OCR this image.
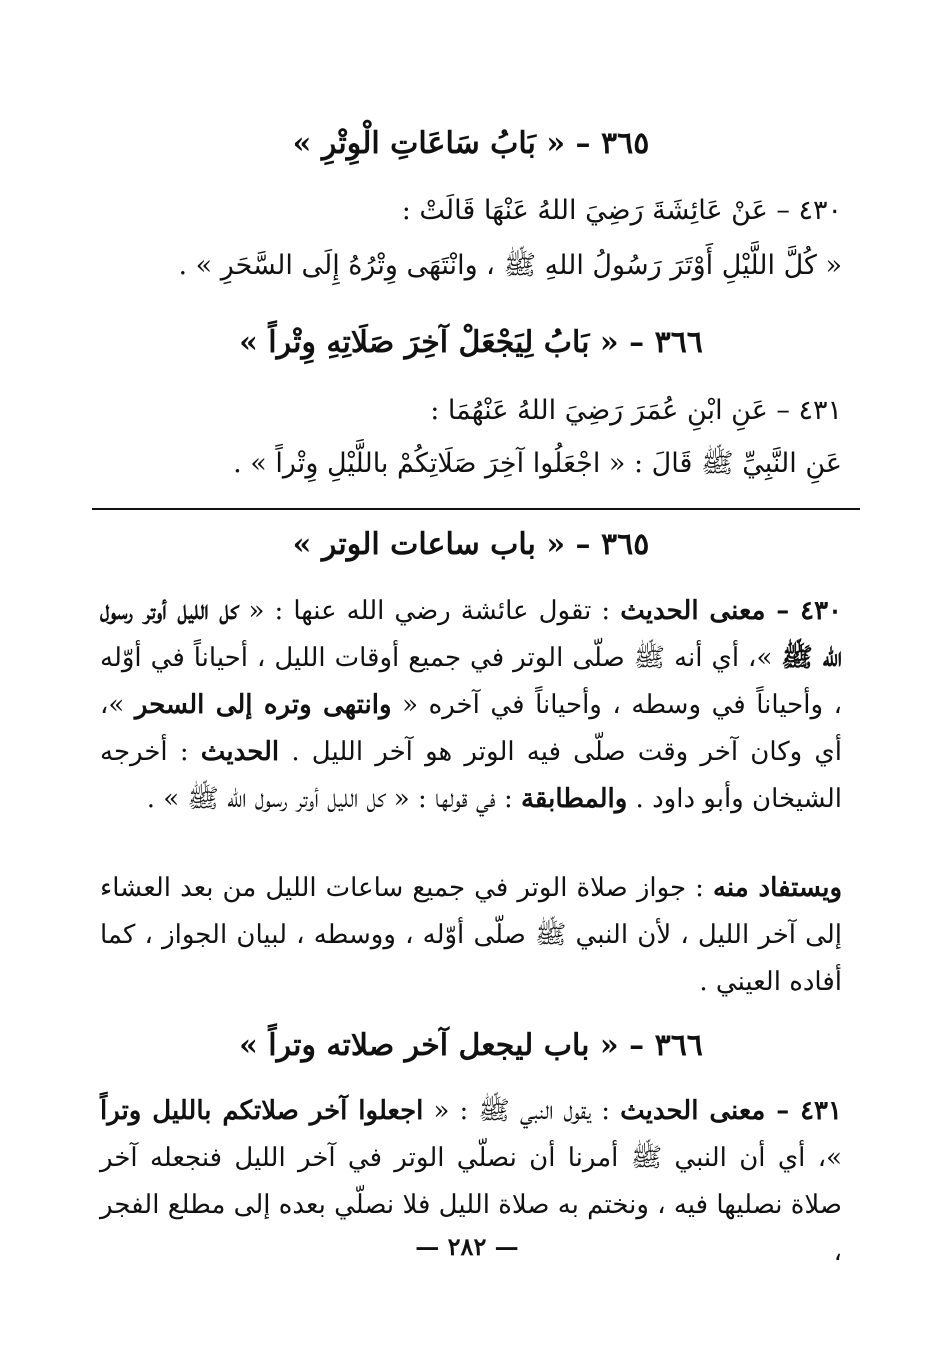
٣٦٥ – « بَابُ سَاعَاتِ الْوِتْرِ »
٤٣٠ – عَنْ عَائِشَةَ رَضِيَ اللهُ عَنْهَا قَالَتْ :
« كُلَّ اللَّيْلِ أَوْتَرَ رَسُولُ اللهِ ﷺ ، وانْتَهَى وِتْرُهُ إِلَى السَّحَرِ » .
٣٦٦ – « بَابُ لِيَجْعَلْ آخِرَ صَلَاتِهِ وِتْراً »
٤٣١ – عَنِ ابْنِ عُمَرَ رَضِيَ اللهُ عَنْهُمَا :
عَنِ النَّبِيِّ ﷺ قَالَ : « اجْعَلُوا آخِرَ صَلَاتِكُمْ باللَّيْلِ وِتْراً » .
٣٦٥ – « باب ساعات الوتر »
٤٣٠ – معنى الحديث : تقول عائشة رضي الله عنها : « كل الليل أوتر رسول الله ﷺ »، أي أنه ﷺ صلّى الوتر في جميع أوقات الليل ، أحياناً في أوّله ، وأحياناً في وسطه ، وأحياناً في آخره « وانتهى وتره إلى السحر »، أي وكان آخر وقت صلّى فيه الوتر هو آخر الليل . الحديث : أخرجه الشيخان وأبو داود . والمطابقة : في قولها : « كل الليل أوتر رسول الله ﷺ » .
ويستفاد منه : جواز صلاة الوتر في جميع ساعات الليل من بعد العشاء إلى آخر الليل ، لأن النبي ﷺ صلّى أوّله ، ووسطه ، لبيان الجواز ، كما أفاده العيني .
٣٦٦ – « باب ليجعل آخر صلاته وتراً »
٤٣١ – معنى الحديث : يقول النبي ﷺ : « اجعلوا آخر صلاتكم بالليل وتراً »، أي أن النبي ﷺ أمرنا أن نصلّي الوتر في آخر الليل فنجعله آخر صلاة نصليها فيه ، ونختم به صلاة الليل فلا نصلّي بعده إلى مطلع الفجر ،
— ٢٨٢ —
